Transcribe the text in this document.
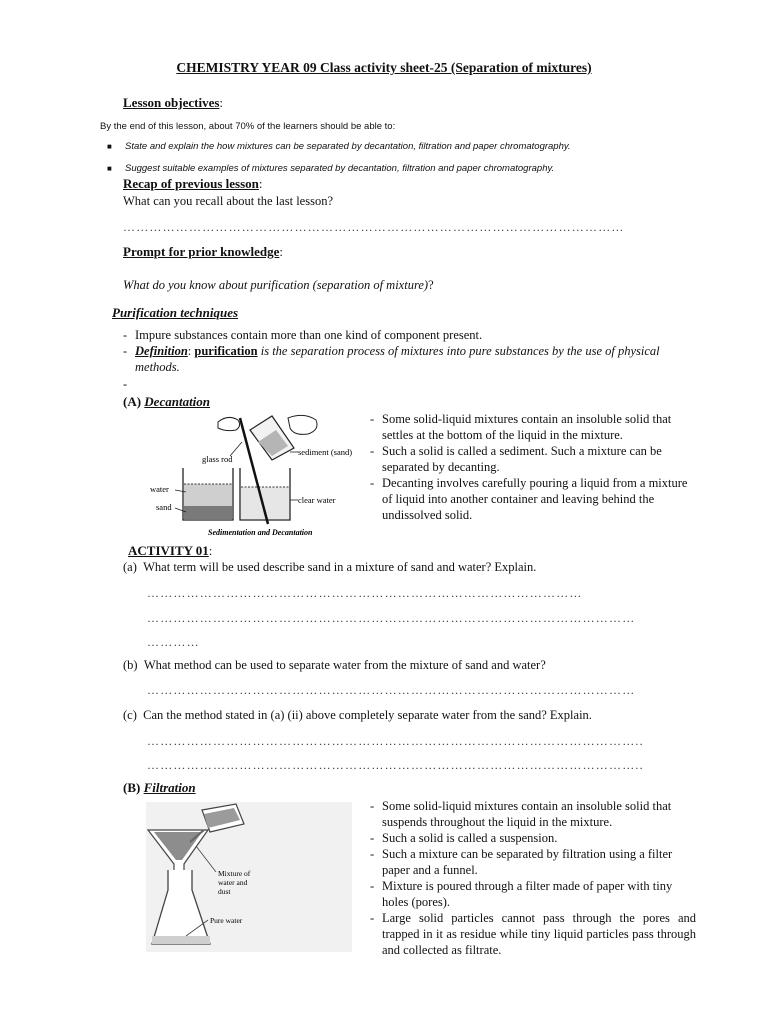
CHEMISTRY YEAR 09 Class activity sheet-25 (Separation of mixtures)
Lesson objectives:
By the end of this lesson, about 70% of the learners should be able to:
■ State and explain the how mixtures can be separated by decantation, filtration and paper chromatography.
■ Suggest suitable examples of mixtures separated by decantation, filtration and paper chromatography.
Recap of previous lesson:
What can you recall about the last lesson?
……………………………………………………………………………………………………
Prompt for prior knowledge:
What do you know about purification (separation of mixture)?
Purification techniques
- Impure substances contain more than one kind of component present.
- Definition: purification is the separation process of mixtures into pure substances by the use of physical methods.
-
(A) Decantation
glass rod
sediment (sand)
water
sand
clear water
Sedimentation and Decantation
- Some solid-liquid mixtures contain an insoluble solid that settles at the bottom of the liquid in the mixture.
- Such a solid is called a sediment. Such a mixture can be separated by decanting.
- Decanting involves carefully pouring a liquid from a mixture of liquid into another container and leaving behind the undissolved solid.
ACTIVITY 01:
(a) What term will be used describe sand in a mixture of sand and water? Explain.
………………………………………………………………………………………
…………………………………………………………………………………………………
…………
(b) What method can be used to separate water from the mixture of sand and water?
…………………………………………………………………………………………………
(c) Can the method stated in (a) (ii) above completely separate water from the sand? Explain.
…………………………………………………………………………………………………..
…………………………………………………………………………………………………..
(B) Filtration
Mixture of
water and
dust
Pure water
- Some solid-liquid mixtures contain an insoluble solid that suspends throughout the liquid in the mixture.
- Such a solid is called a suspension.
- Such a mixture can be separated by filtration using a filter paper and a funnel.
- Mixture is poured through a filter made of paper with tiny holes (pores).
- Large solid particles cannot pass through the pores and trapped in it as residue while tiny liquid particles pass through and collected as filtrate.
